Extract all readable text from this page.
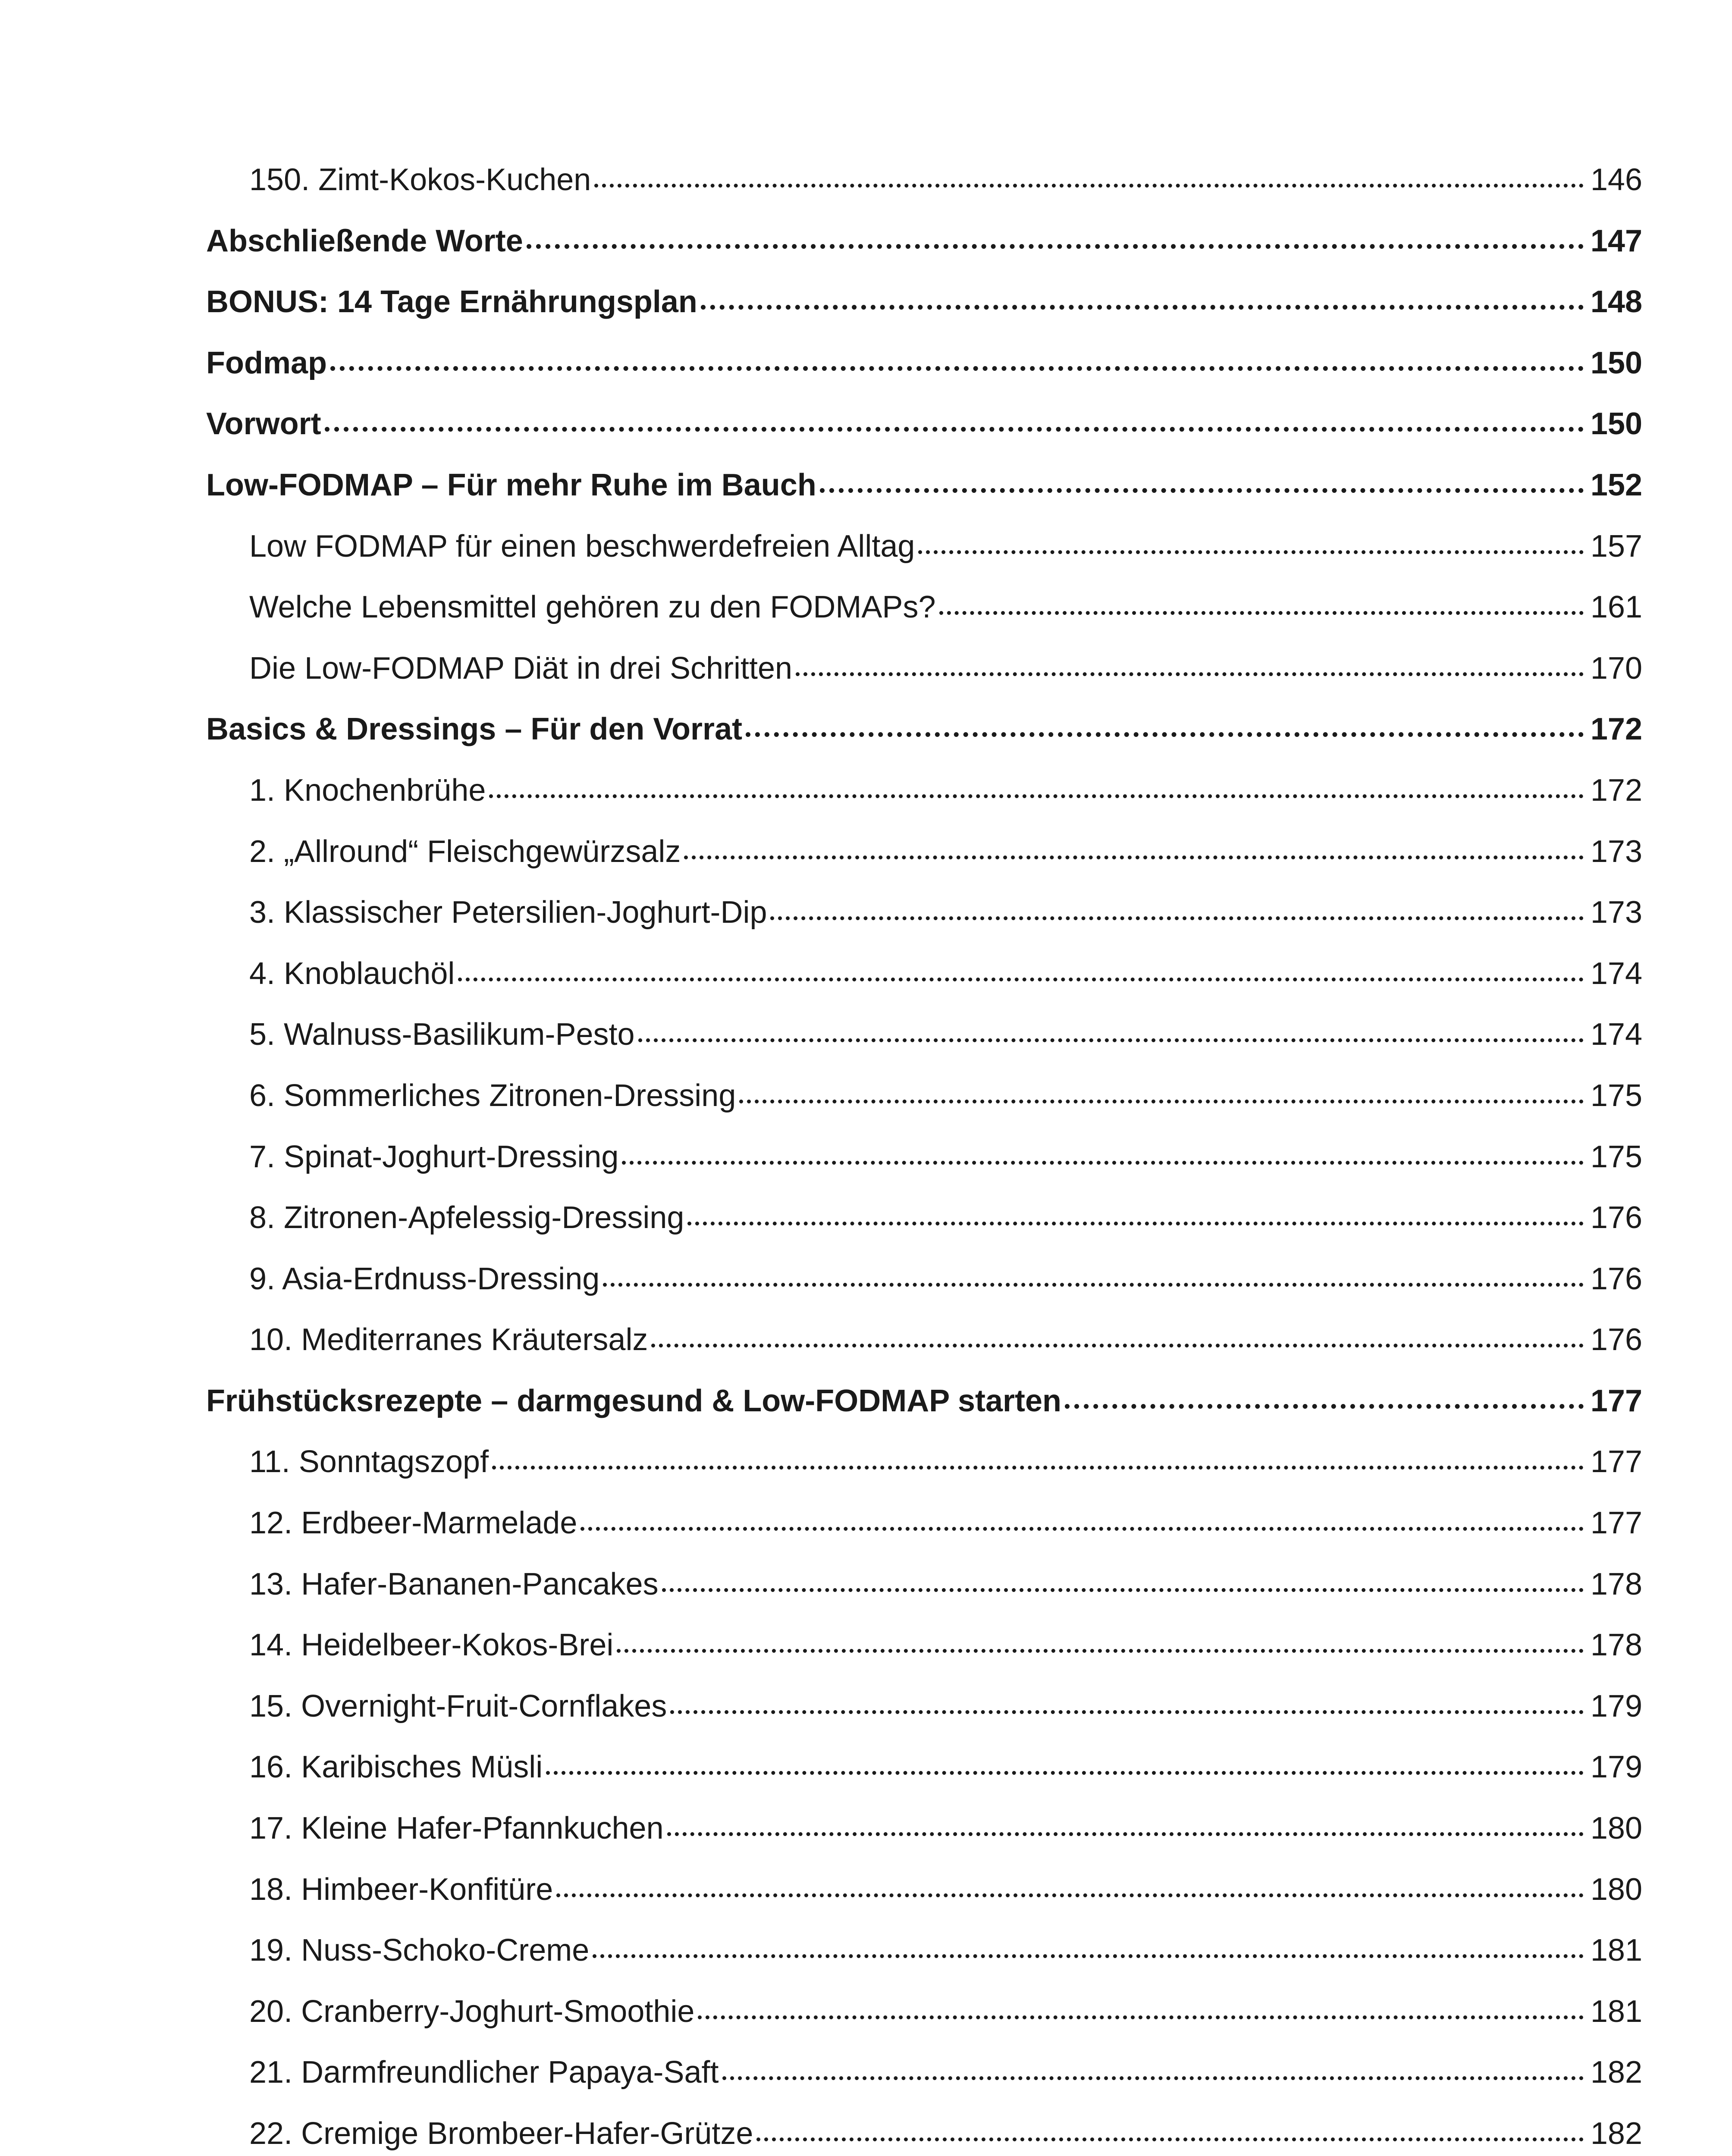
150. Zimt-Kokos-Kuchen	146
Abschließende Worte	147
BONUS: 14 Tage Ernährungsplan	148
Fodmap	150
Vorwort	150
Low-FODMAP – Für mehr Ruhe im Bauch	152
Low FODMAP für einen beschwerdefreien Alltag	157
Welche Lebensmittel gehören zu den FODMAPs?	161
Die Low-FODMAP Diät in drei Schritten	170
Basics & Dressings – Für den Vorrat	172
1. Knochenbrühe	172
2. „Allround“ Fleischgewürzsalz	173
3. Klassischer Petersilien-Joghurt-Dip	173
4. Knoblauchöl	174
5. Walnuss-Basilikum-Pesto	174
6. Sommerliches Zitronen-Dressing	175
7. Spinat-Joghurt-Dressing	175
8. Zitronen-Apfelessig-Dressing	176
9. Asia-Erdnuss-Dressing	176
10. Mediterranes Kräutersalz	176
Frühstücksrezepte – darmgesund & Low-FODMAP starten	177
11. Sonntagszopf	177
12. Erdbeer-Marmelade	177
13. Hafer-Bananen-Pancakes	178
14. Heidelbeer-Kokos-Brei	178
15. Overnight-Fruit-Cornflakes	179
16. Karibisches Müsli	179
17. Kleine Hafer-Pfannkuchen	180
18. Himbeer-Konfitüre	180
19. Nuss-Schoko-Creme	181
20. Cranberry-Joghurt-Smoothie	181
21. Darmfreundlicher Papaya-Saft	182
22. Cremige Brombeer-Hafer-Grütze	182
